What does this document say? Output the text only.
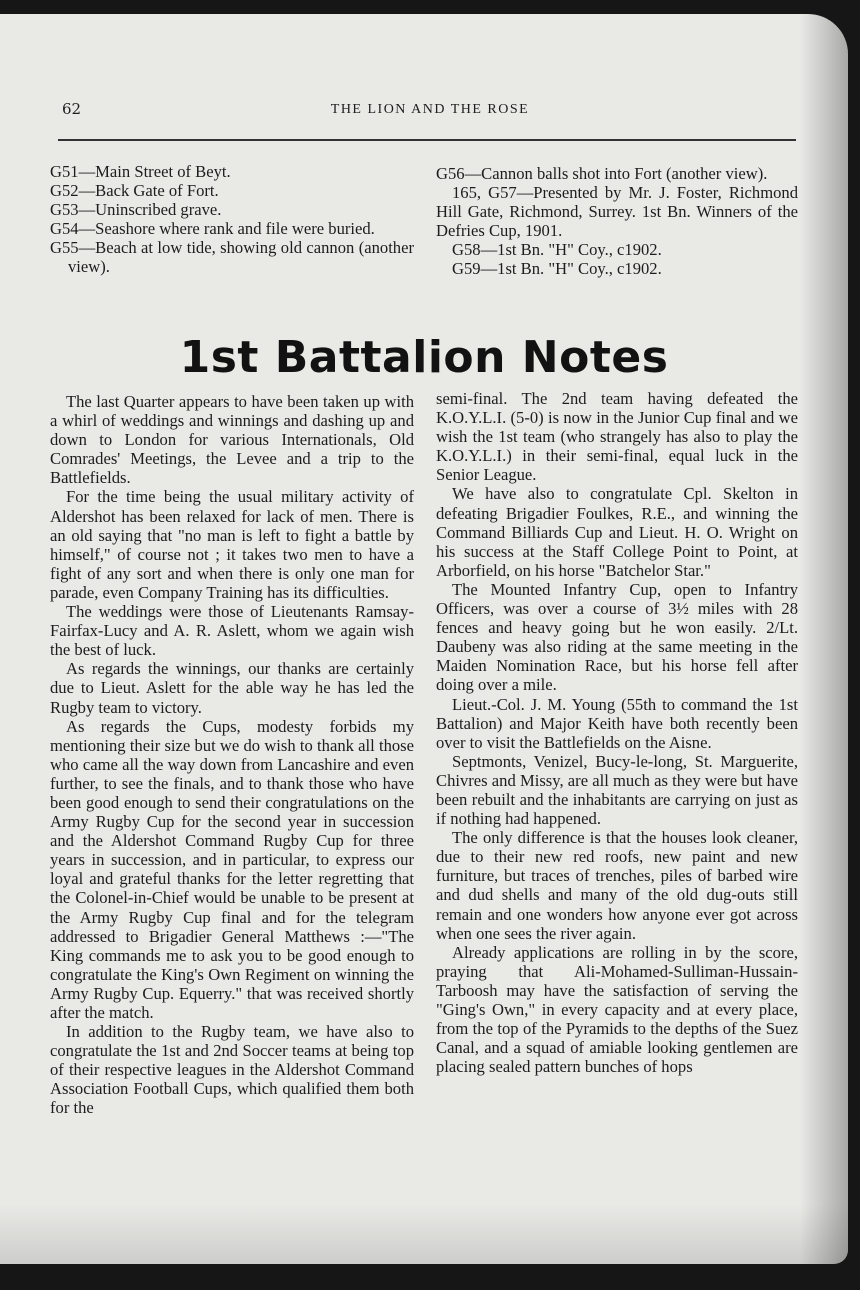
62	THE LION AND THE ROSE

G51—Main Street of Beyt.

G52—Back Gate of Fort.

G53—Uninscribed grave.

G54—Seashore where rank and file were buried.

G55—Beach at low tide, showing old cannon (another view).

G56—Cannon balls shot into Fort (another view).

165, G57—Presented by Mr. J. Foster, Richmond Hill Gate, Richmond, Surrey. 1st Bn. Winners of the Defries Cup, 1901.

G58—1st Bn. "H" Coy., c1902.

G59—1st Bn. "H" Coy., c1902.

1st Battalion Notes

The last Quarter appears to have been taken up with a whirl of weddings and winnings and dashing up and down to London for various Internationals, Old Comrades' Meetings, the Levee and a trip to the Battlefields.

For the time being the usual military activity of Aldershot has been relaxed for lack of men. There is an old saying that "no man is left to fight a battle by himself," of course not ; it takes two men to have a fight of any sort and when there is only one man for parade, even Company Training has its difficulties.

The weddings were those of Lieutenants Ramsay-Fairfax-Lucy and A. R. Aslett, whom we again wish the best of luck.

As regards the winnings, our thanks are certainly due to Lieut. Aslett for the able way he has led the Rugby team to victory.

As regards the Cups, modesty forbids my mentioning their size but we do wish to thank all those who came all the way down from Lancashire and even further, to see the finals, and to thank those who have been good enough to send their congratulations on the Army Rugby Cup for the second year in succession and the Aldershot Command Rugby Cup for three years in succession, and in particular, to express our loyal and grateful thanks for the letter regretting that the Colonel-in-Chief would be unable to be present at the Army Rugby Cup final and for the telegram addressed to Brigadier General Matthews :—"The King commands me to ask you to be good enough to congratulate the King's Own Regiment on winning the Army Rugby Cup. Equerry." that was received shortly after the match.

In addition to the Rugby team, we have also to congratulate the 1st and 2nd Soccer teams at being top of their respective leagues in the Aldershot Command Association Football Cups, which qualified them both for the

semi-final. The 2nd team having defeated the K.O.Y.L.I. (5-0) is now in the Junior Cup final and we wish the 1st team (who strangely has also to play the K.O.Y.L.I.) in their semi-final, equal luck in the Senior League.

We have also to congratulate Cpl. Skelton in defeating Brigadier Foulkes, R.E., and winning the Command Billiards Cup and Lieut. H. O. Wright on his success at the Staff College Point to Point, at Arborfield, on his horse "Batchelor Star."

The Mounted Infantry Cup, open to Infantry Officers, was over a course of 3½ miles with 28 fences and heavy going but he won easily. 2/Lt. Daubeny was also riding at the same meeting in the Maiden Nomination Race, but his horse fell after doing over a mile.

Lieut.-Col. J. M. Young (55th to command the 1st Battalion) and Major Keith have both recently been over to visit the Battlefields on the Aisne.

Septmonts, Venizel, Bucy-le-long, St. Marguerite, Chivres and Missy, are all much as they were but have been rebuilt and the inhabitants are carrying on just as if nothing had happened.

The only difference is that the houses look cleaner, due to their new red roofs, new paint and new furniture, but traces of trenches, piles of barbed wire and dud shells and many of the old dug-outs still remain and one wonders how anyone ever got across when one sees the river again.

Already applications are rolling in by the score, praying that Ali-Mohamed-Sulliman-Hussain-Tarboosh may have the satisfaction of serving the "Ging's Own," in every capacity and at every place, from the top of the Pyramids to the depths of the Suez Canal, and a squad of amiable looking gentlemen are placing sealed pattern bunches of hops
